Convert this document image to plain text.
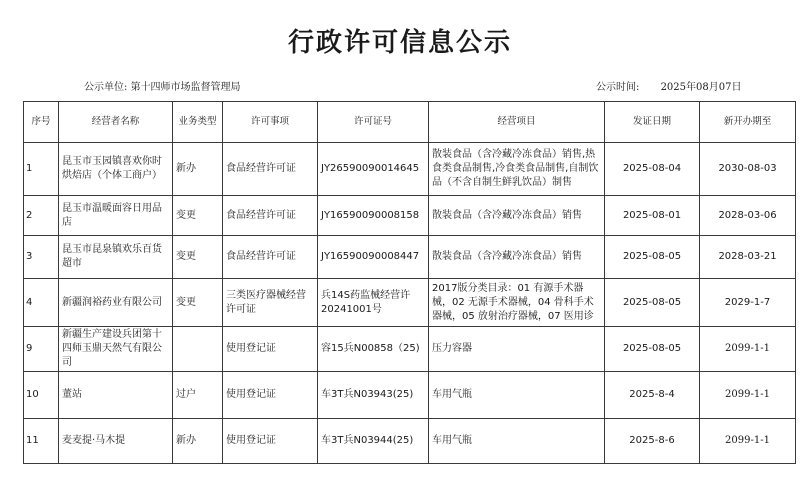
行政许可信息公示
公示单位: 第十四师市场监督管理局	公示时间: 2025年08月07日
序号	经营者名称	业务类型	许可事项	许可证号	经营项目	发证日期	新开办期至
1	昆玉市玉园镇喜欢你时烘焙店（个体工商户）	新办	食品经营许可证	JY26590090014645	散装食品（含冷藏冷冻食品）销售,热食类食品制售,冷食类食品制售,自制饮品（不含自制生鲜乳饮品）制售	2025-08-04	2030-08-03
2	昆玉市温暖面容日用品店	变更	食品经营许可证	JY16590090008158	散装食品（含冷藏冷冻食品）销售	2025-08-01	2028-03-06
3	昆玉市昆泉镇欢乐百货超市	变更	食品经营许可证	JY16590090008447	散装食品（含冷藏冷冻食品）销售	2025-08-05	2028-03-21
4	新疆润裕药业有限公司	变更	三类医疗器械经营许可证	兵14S药监械经营许20241001号	2017版分类目录：01 有源手术器械，02 无源手术器械，04 骨科手术器械，05 放射治疗器械，07 医用诊	2025-08-05	2029-1-7
9	新疆生产建设兵团第十四师玉鼎天然气有限公司		使用登记证	容15兵N00858（25)	压力容器	2025-08-05	2099-1-1
10	董站	过户	使用登记证	车3T兵N03943(25)	车用气瓶	2025-8-4	2099-1-1
11	麦麦提·马木提	新办	使用登记证	车3T兵N03944(25)	车用气瓶	2025-8-6	2099-1-1
